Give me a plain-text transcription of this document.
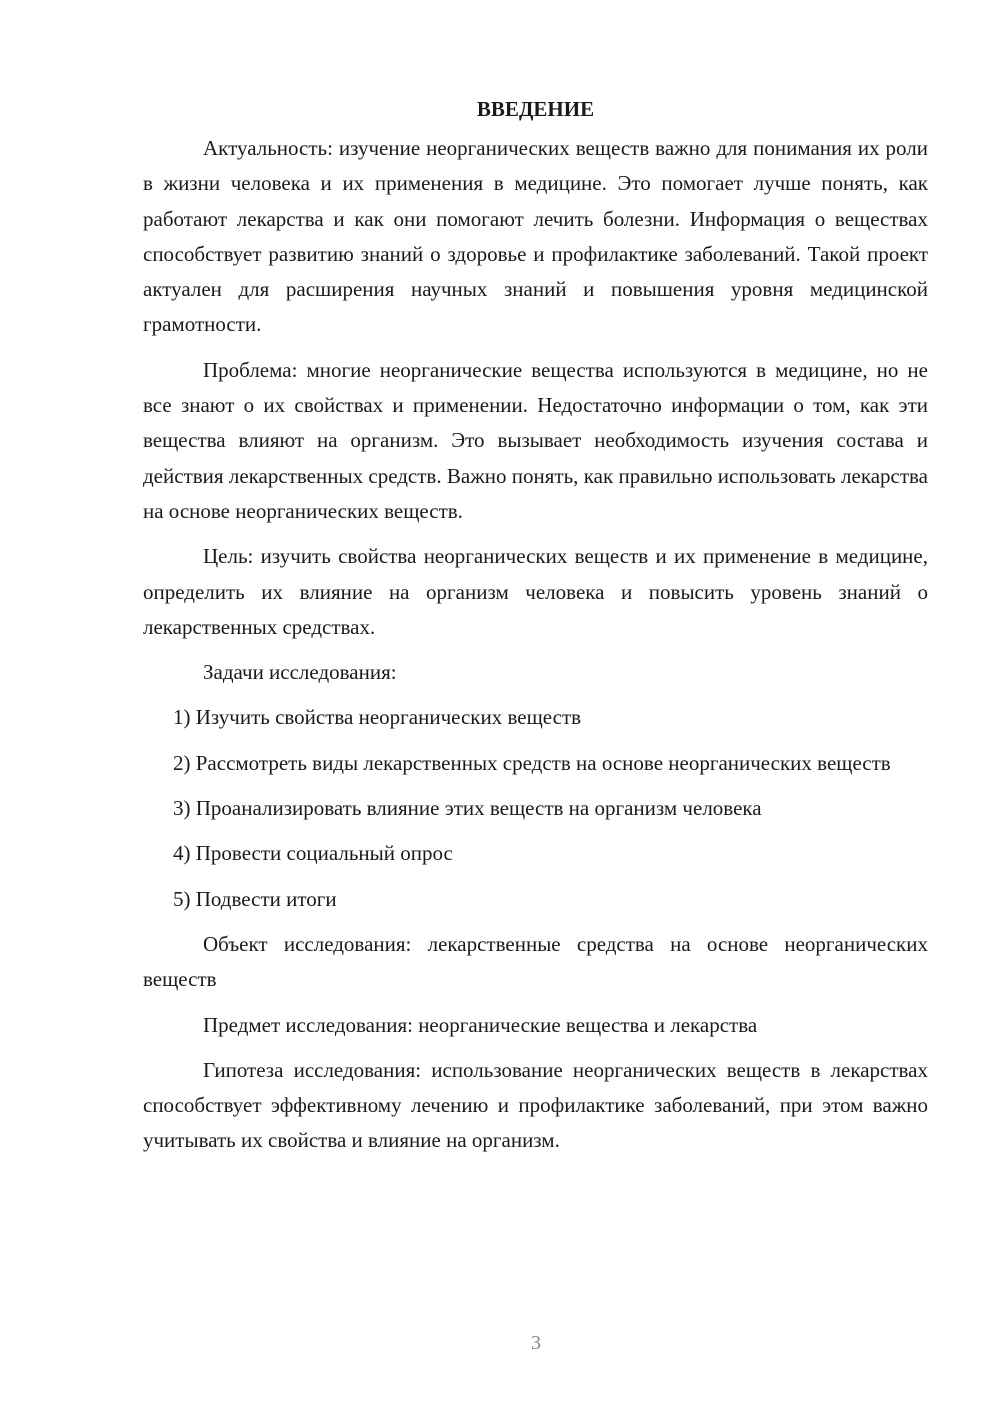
ВВЕДЕНИЕ

Актуальность: изучение неорганических веществ важно для понимания их роли в жизни человека и их применения в медицине. Это помогает лучше понять, как работают лекарства и как они помогают лечить болезни. Информация о веществах способствует развитию знаний о здоровье и профилактике заболеваний. Такой проект актуален для расширения научных знаний и повышения уровня медицинской грамотности.

Проблема: многие неорганические вещества используются в медицине, но не все знают о их свойствах и применении. Недостаточно информации о том, как эти вещества влияют на организм. Это вызывает необходимость изучения состава и действия лекарственных средств. Важно понять, как правильно использовать лекарства на основе неорганических веществ.

Цель: изучить свойства неорганических веществ и их применение в медицине, определить их влияние на организм человека и повысить уровень знаний о лекарственных средствах.

Задачи исследования:

1) Изучить свойства неорганических веществ

2) Рассмотреть виды лекарственных средств на основе неорганических веществ

3) Проанализировать влияние этих веществ на организм человека

4) Провести социальный опрос

5) Подвести итоги

Объект исследования: лекарственные средства на основе неорганических веществ

Предмет исследования: неорганические вещества и лекарства

Гипотеза исследования: использование неорганических веществ в лекарствах способствует эффективному лечению и профилактике заболеваний, при этом важно учитывать их свойства и влияние на организм.

3
